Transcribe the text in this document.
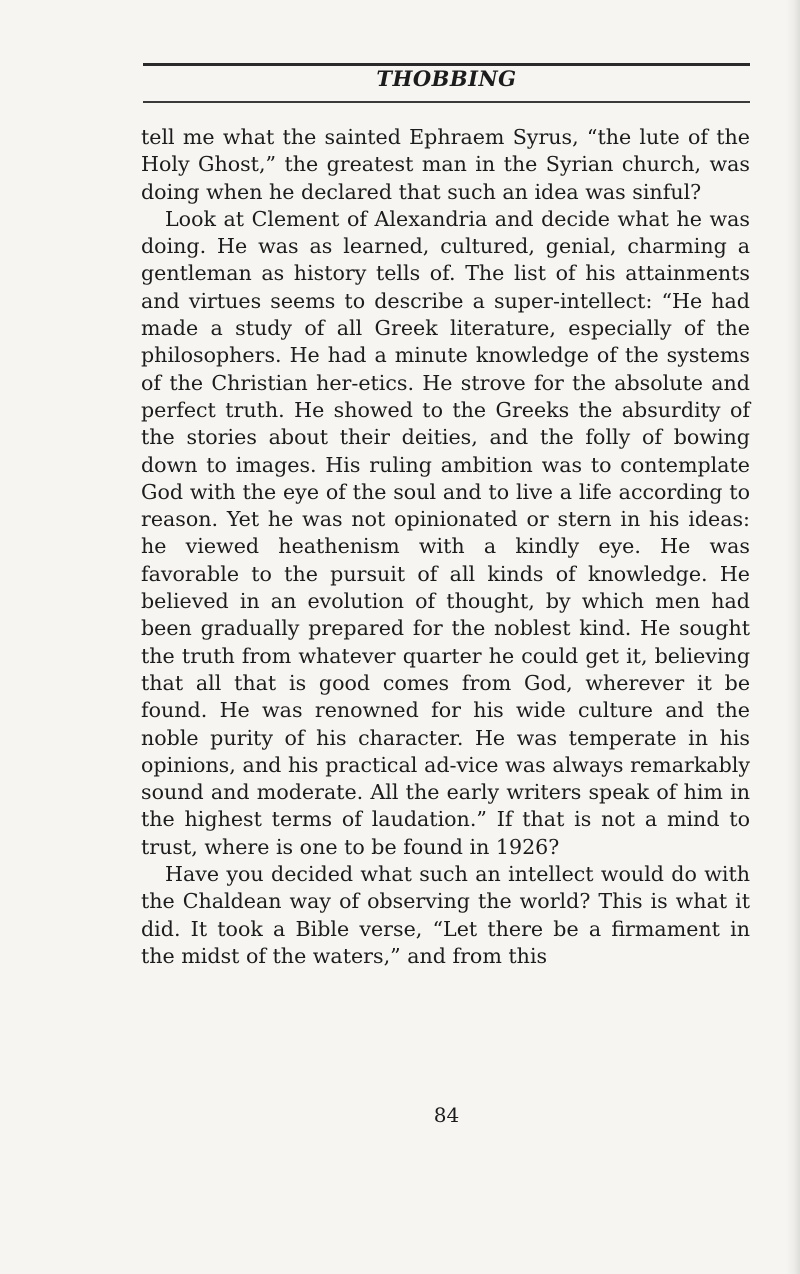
THOBBING

tell me what the sainted Ephraem Syrus, “the lute of the Holy Ghost,” the greatest man in the Syrian church, was doing when he declared that such an idea was sinful?

Look at Clement of Alexandria and decide what he was doing. He was as learned, cultured, genial, charming a gentleman as history tells of. The list of his attainments and virtues seems to describe a super-intellect: “He had made a study of all Greek literature, especially of the philosophers. He had a minute knowledge of the systems of the Christian her-etics. He strove for the absolute and perfect truth. He showed to the Greeks the absurdity of the stories about their deities, and the folly of bowing down to images. His ruling ambition was to contemplate God with the eye of the soul and to live a life according to reason. Yet he was not opinionated or stern in his ideas: he viewed heathenism with a kindly eye. He was favorable to the pursuit of all kinds of knowledge. He believed in an evolution of thought, by which men had been gradually prepared for the noblest kind. He sought the truth from whatever quarter he could get it, believing that all that is good comes from God, wherever it be found. He was renowned for his wide culture and the noble purity of his character. He was temperate in his opinions, and his practical ad-vice was always remarkably sound and moderate. All the early writers speak of him in the highest terms of laudation.” If that is not a mind to trust, where is one to be found in 1926?

Have you decided what such an intellect would do with the Chaldean way of observing the world? This is what it did. It took a Bible verse, “Let there be a firmament in the midst of the waters,” and from this

84
